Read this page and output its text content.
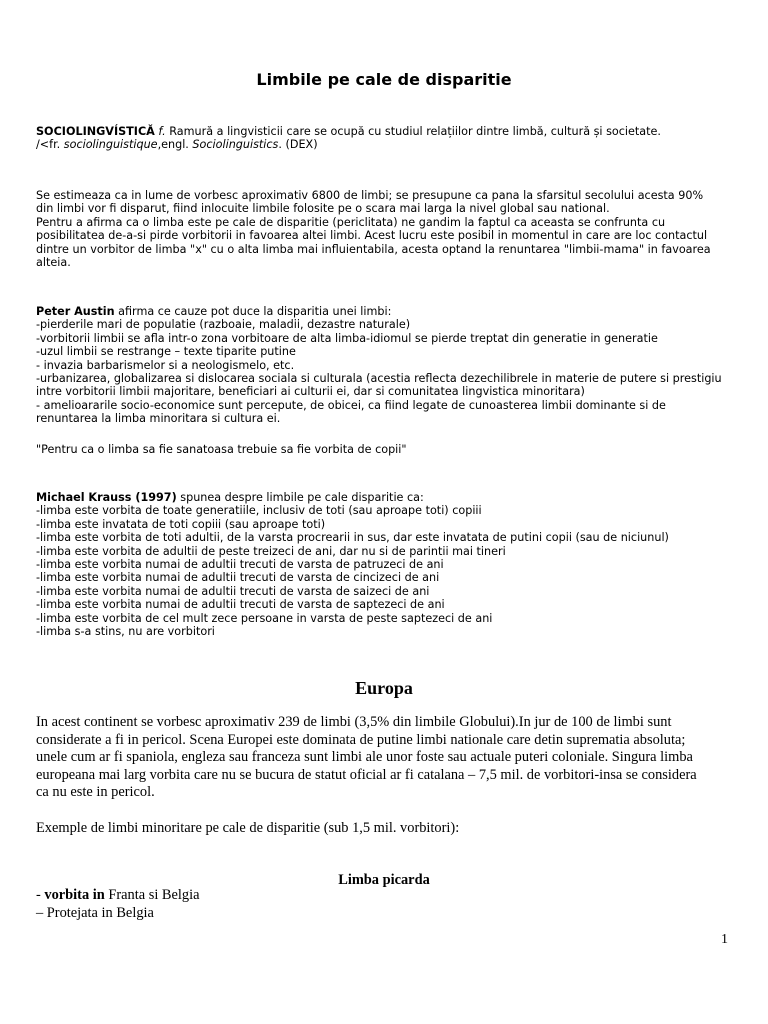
Limbile pe cale de disparitie
SOCIOLINGVÍSTICĂ f. Ramură a lingvisticii care se ocupă cu studiul relațiilor dintre limbă, cultură și societate.
/<fr. sociolinguistique,engl. Sociolinguistics. (DEX)
Se estimeaza ca in lume de vorbesc aproximativ 6800 de limbi; se presupune ca pana la sfarsitul secolului acesta 90%
din limbi vor fi disparut, fiind inlocuite limbile folosite pe o scara mai larga la nivel global sau national.
Pentru a afirma ca o limba este pe cale de disparitie (periclitata) ne gandim la faptul ca aceasta se confrunta cu
posibilitatea de-a-si pirde vorbitorii in favoarea altei limbi. Acest lucru este posibil in momentul in care are loc contactul
dintre un vorbitor de limba "x" cu o alta limba mai influientabila, acesta optand la renuntarea "limbii-mama" in favoarea
alteia.
Peter Austin afirma ce cauze pot duce la disparitia unei limbi:
-pierderile mari de populatie (razboaie, maladii, dezastre naturale)
-vorbitorii limbii se afla intr-o zona vorbitoare de alta limba-idiomul se pierde treptat din generatie in generatie
-uzul limbii se restrange – texte tiparite putine
- invazia barbarismelor si a neologismelo, etc.
-urbanizarea, globalizarea si dislocarea sociala si culturala (acestia reflecta dezechilibrele in materie de putere si prestigiu
intre vorbitorii limbii majoritare, beneficiari ai culturii ei, dar si comunitatea lingvistica minoritara)
- amelioararile socio-economice sunt percepute, de obicei, ca fiind legate de cunoasterea limbii dominante si de
renuntarea la limba minoritara si cultura ei.
"Pentru ca o limba sa fie sanatoasa trebuie sa fie vorbita de copii"
Michael Krauss (1997) spunea despre limbile pe cale disparitie ca:
-limba este vorbita de toate generatiile, inclusiv de toti (sau aproape toti) copiii
-limba este invatata de toti copiii (sau aproape toti)
-limba este vorbita de toti adultii, de la varsta procrearii in sus, dar este invatata de putini copii (sau de niciunul)
-limba este vorbita de adultii de peste treizeci de ani, dar nu si de parintii mai tineri
-limba este vorbita numai de adultii trecuti de varsta de patruzeci de ani
-limba este vorbita numai de adultii trecuti de varsta de cincizeci de ani
-limba este vorbita numai de adultii trecuti de varsta de saizeci de ani
-limba este vorbita numai de adultii trecuti de varsta de saptezeci de ani
-limba este vorbita de cel mult zece persoane in varsta de peste saptezeci de ani
-limba s-a stins, nu are vorbitori
Europa
In acest continent se vorbesc aproximativ 239 de limbi (3,5% din limbile Globului).In jur de 100 de limbi sunt
considerate a fi in pericol. Scena Europei este dominata de putine limbi nationale care detin suprematia absoluta;
unele cum ar fi spaniola, engleza sau franceza sunt limbi ale unor foste sau actuale puteri coloniale. Singura limba
europeana mai larg vorbita care nu se bucura de statut oficial ar fi catalana – 7,5 mil. de vorbitori-insa se considera
ca nu este in pericol.
Exemple de limbi minoritare pe cale de disparitie (sub 1,5 mil. vorbitori):
Limba picarda
- vorbita in Franta si Belgia
– Protejata in Belgia
1
